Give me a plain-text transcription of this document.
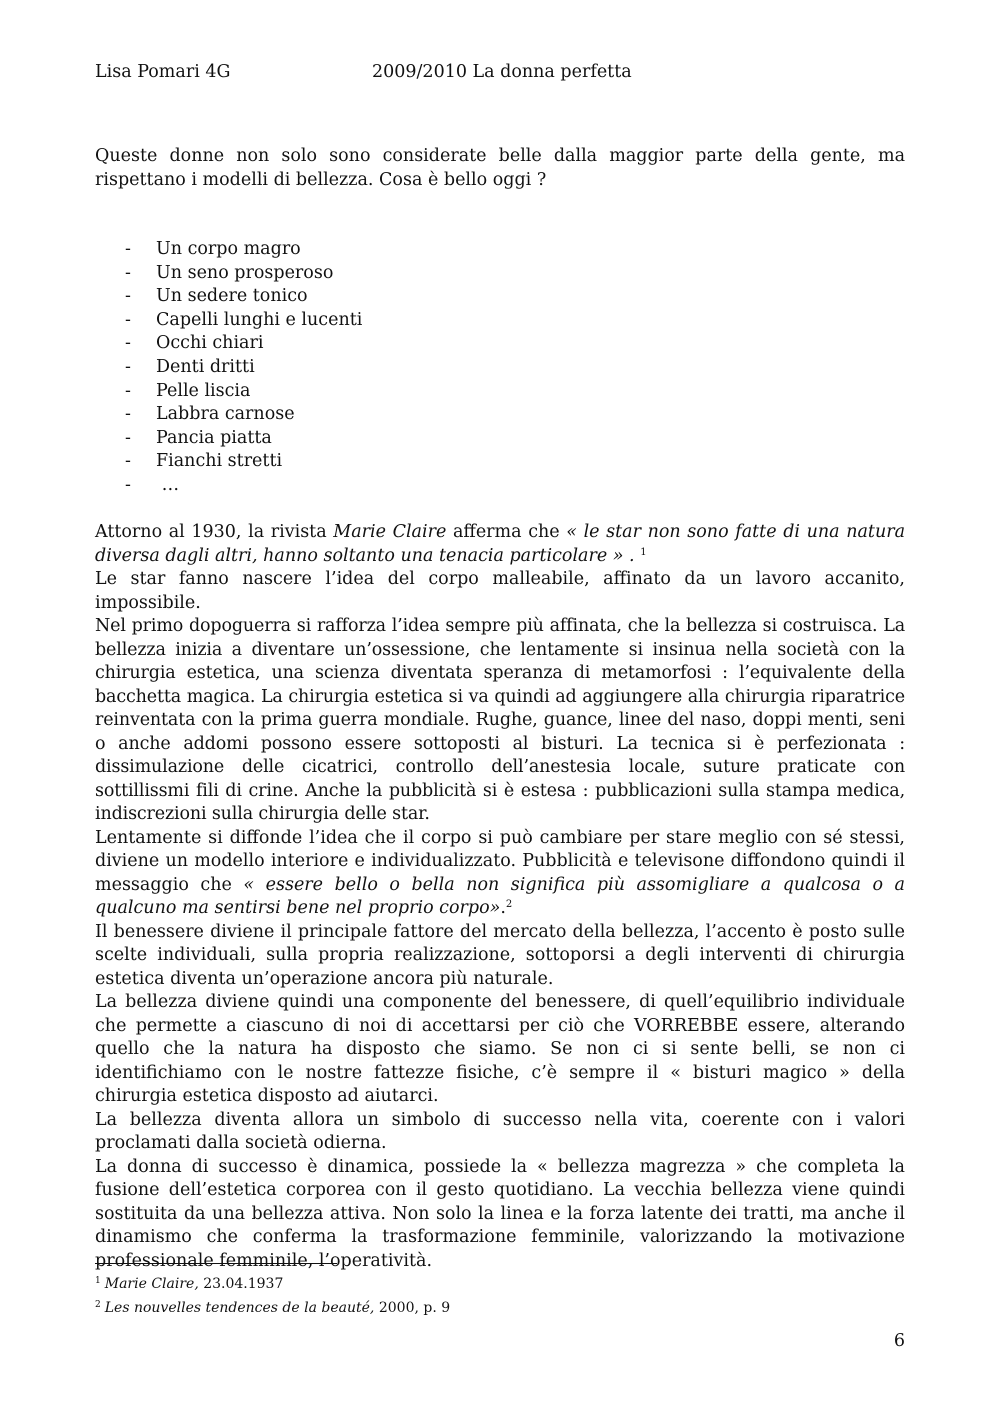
Lisa Pomari 4G	2009/2010 La donna perfetta
Queste donne non solo sono considerate belle dalla maggior parte della gente, ma rispettano i modelli di bellezza. Cosa è bello oggi ?
- Un corpo magro
- Un seno prosperoso
- Un sedere tonico
- Capelli lunghi e lucenti
- Occhi chiari
- Denti dritti
- Pelle liscia
- Labbra carnose
- Pancia piatta
- Fianchi stretti
- …

Attorno al 1930, la rivista Marie Claire afferma che « le star non sono fatte di una natura diversa dagli altri, hanno soltanto una tenacia particolare » . $^1$

Le star fanno nascere l’idea del corpo malleabile, affinato da un lavoro accanito, impossibile.

Nel primo dopoguerra si rafforza l’idea sempre più affinata, che la bellezza si costruisca. La bellezza inizia a diventare un’ossessione, che lentamente si insinua nella società con la chirurgia estetica, una scienza diventata speranza di metamorfosi : l’equivalente della bacchetta magica. La chirurgia estetica si va quindi ad aggiungere alla chirurgia riparatrice reinventata con la prima guerra mondiale. Rughe, guance, linee del naso, doppi menti, seni o anche addomi possono essere sottoposti al bisturi. La tecnica si è perfezionata : dissimulazione delle cicatrici, controllo dell’anestesia locale, suture praticate con sottillissmi fili di crine. Anche la pubblicità si è estesa : pubblicazioni sulla stampa medica, indiscrezioni sulla chirurgia delle star.

Lentamente si diffonde l’idea che il corpo si può cambiare per stare meglio con sé stessi, diviene un modello interiore e individualizzato. Pubblicità e televisone diffondono quindi il messaggio che « essere bello o bella non significa più assomigliare a qualcosa o a qualcuno ma sentirsi bene nel proprio corpo».$^2$

Il benessere diviene il principale fattore del mercato della bellezza, l’accento è posto sulle scelte individuali, sulla propria realizzazione, sottoporsi a degli interventi di chirurgia estetica diventa un’operazione ancora più naturale.

La bellezza diviene quindi una componente del benessere, di quell’equilibrio individuale che permette a ciascuno di noi di accettarsi per ciò che VORREBBE essere, alterando quello che la natura ha disposto che siamo. Se non ci si sente belli, se non ci identifichiamo con le nostre fattezze fisiche, c’è sempre il « bisturi magico » della chirurgia estetica disposto ad aiutarci.

La bellezza diventa allora un simbolo di successo nella vita, coerente con i valori proclamati dalla società odierna.

La donna di successo è dinamica, possiede la « bellezza magrezza » che completa la fusione dell’estetica corporea con il gesto quotidiano. La vecchia bellezza viene quindi sostituita da una bellezza attiva. Non solo la linea e la forza latente dei tratti, ma anche il dinamismo che conferma la trasformazione femminile, valorizzando la motivazione professionale femminile, l’operatività.

$^1$ Marie Claire, 23.04.1937
$^2$ Les nouvelles tendences de la beauté, 2000, p. 9
6
